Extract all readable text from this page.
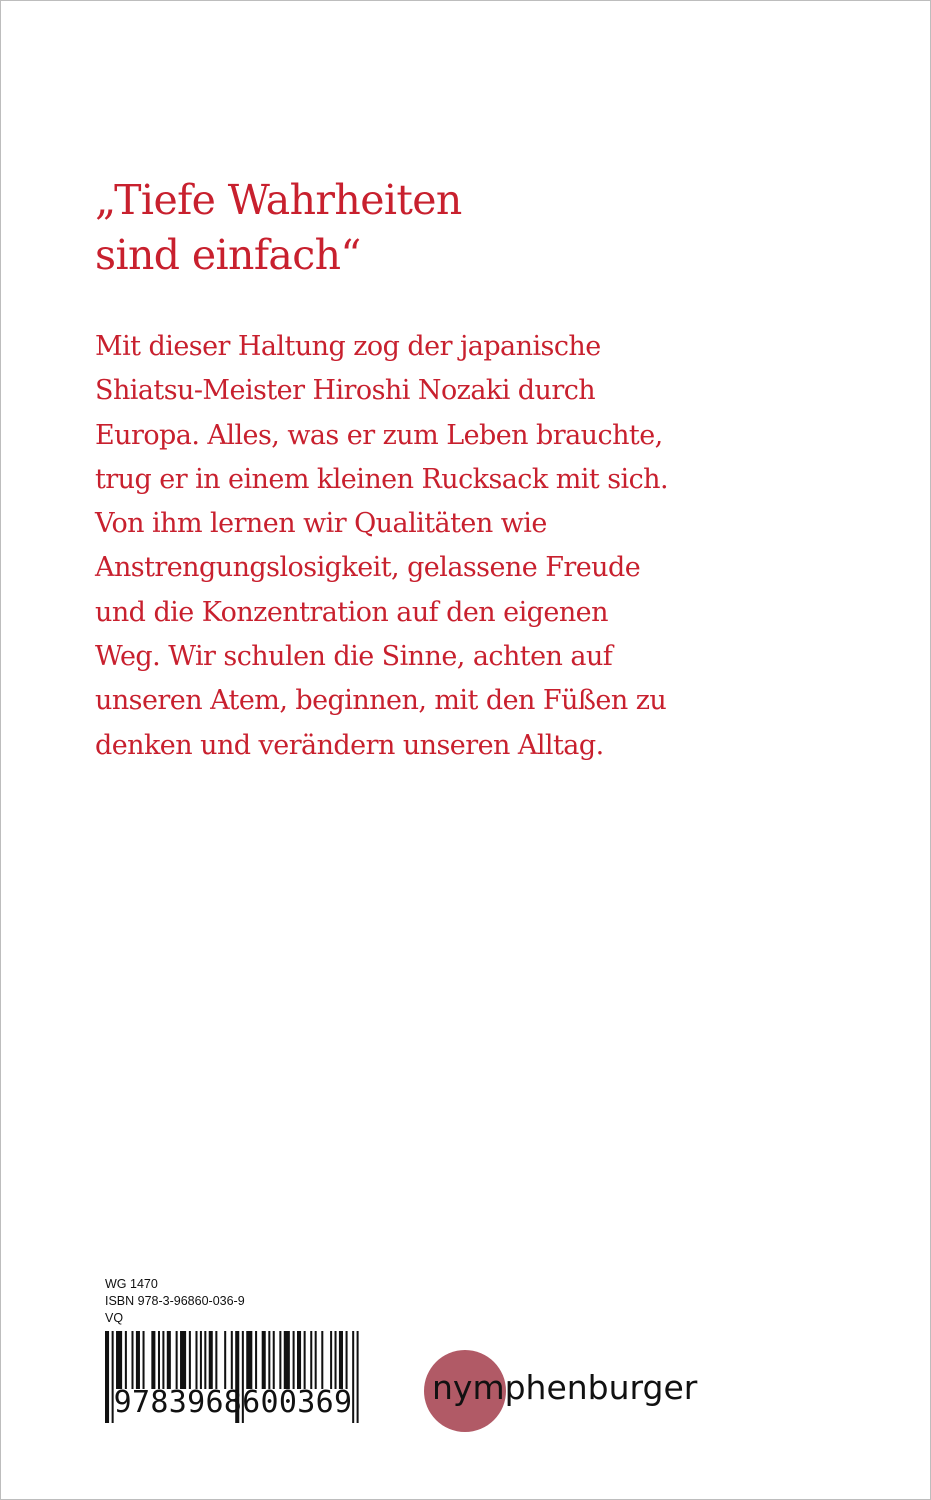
„Tiefe Wahrheiten
sind einfach“

Mit dieser Haltung zog der japanische
Shiatsu-Meister Hiroshi Nozaki durch
Europa. Alles, was er zum Leben brauchte,
trug er in einem kleinen Rucksack mit sich.
Von ihm lernen wir Qualitäten wie
Anstrengungslosigkeit, gelassene Freude
und die Konzentration auf den eigenen
Weg. Wir schulen die Sinne, achten auf
unseren Atem, beginnen, mit den Füßen zu
denken und verändern unseren Alltag.

WG 1470
ISBN 978-3-96860-036-9
VQ
9783968600369	nymphenburger
